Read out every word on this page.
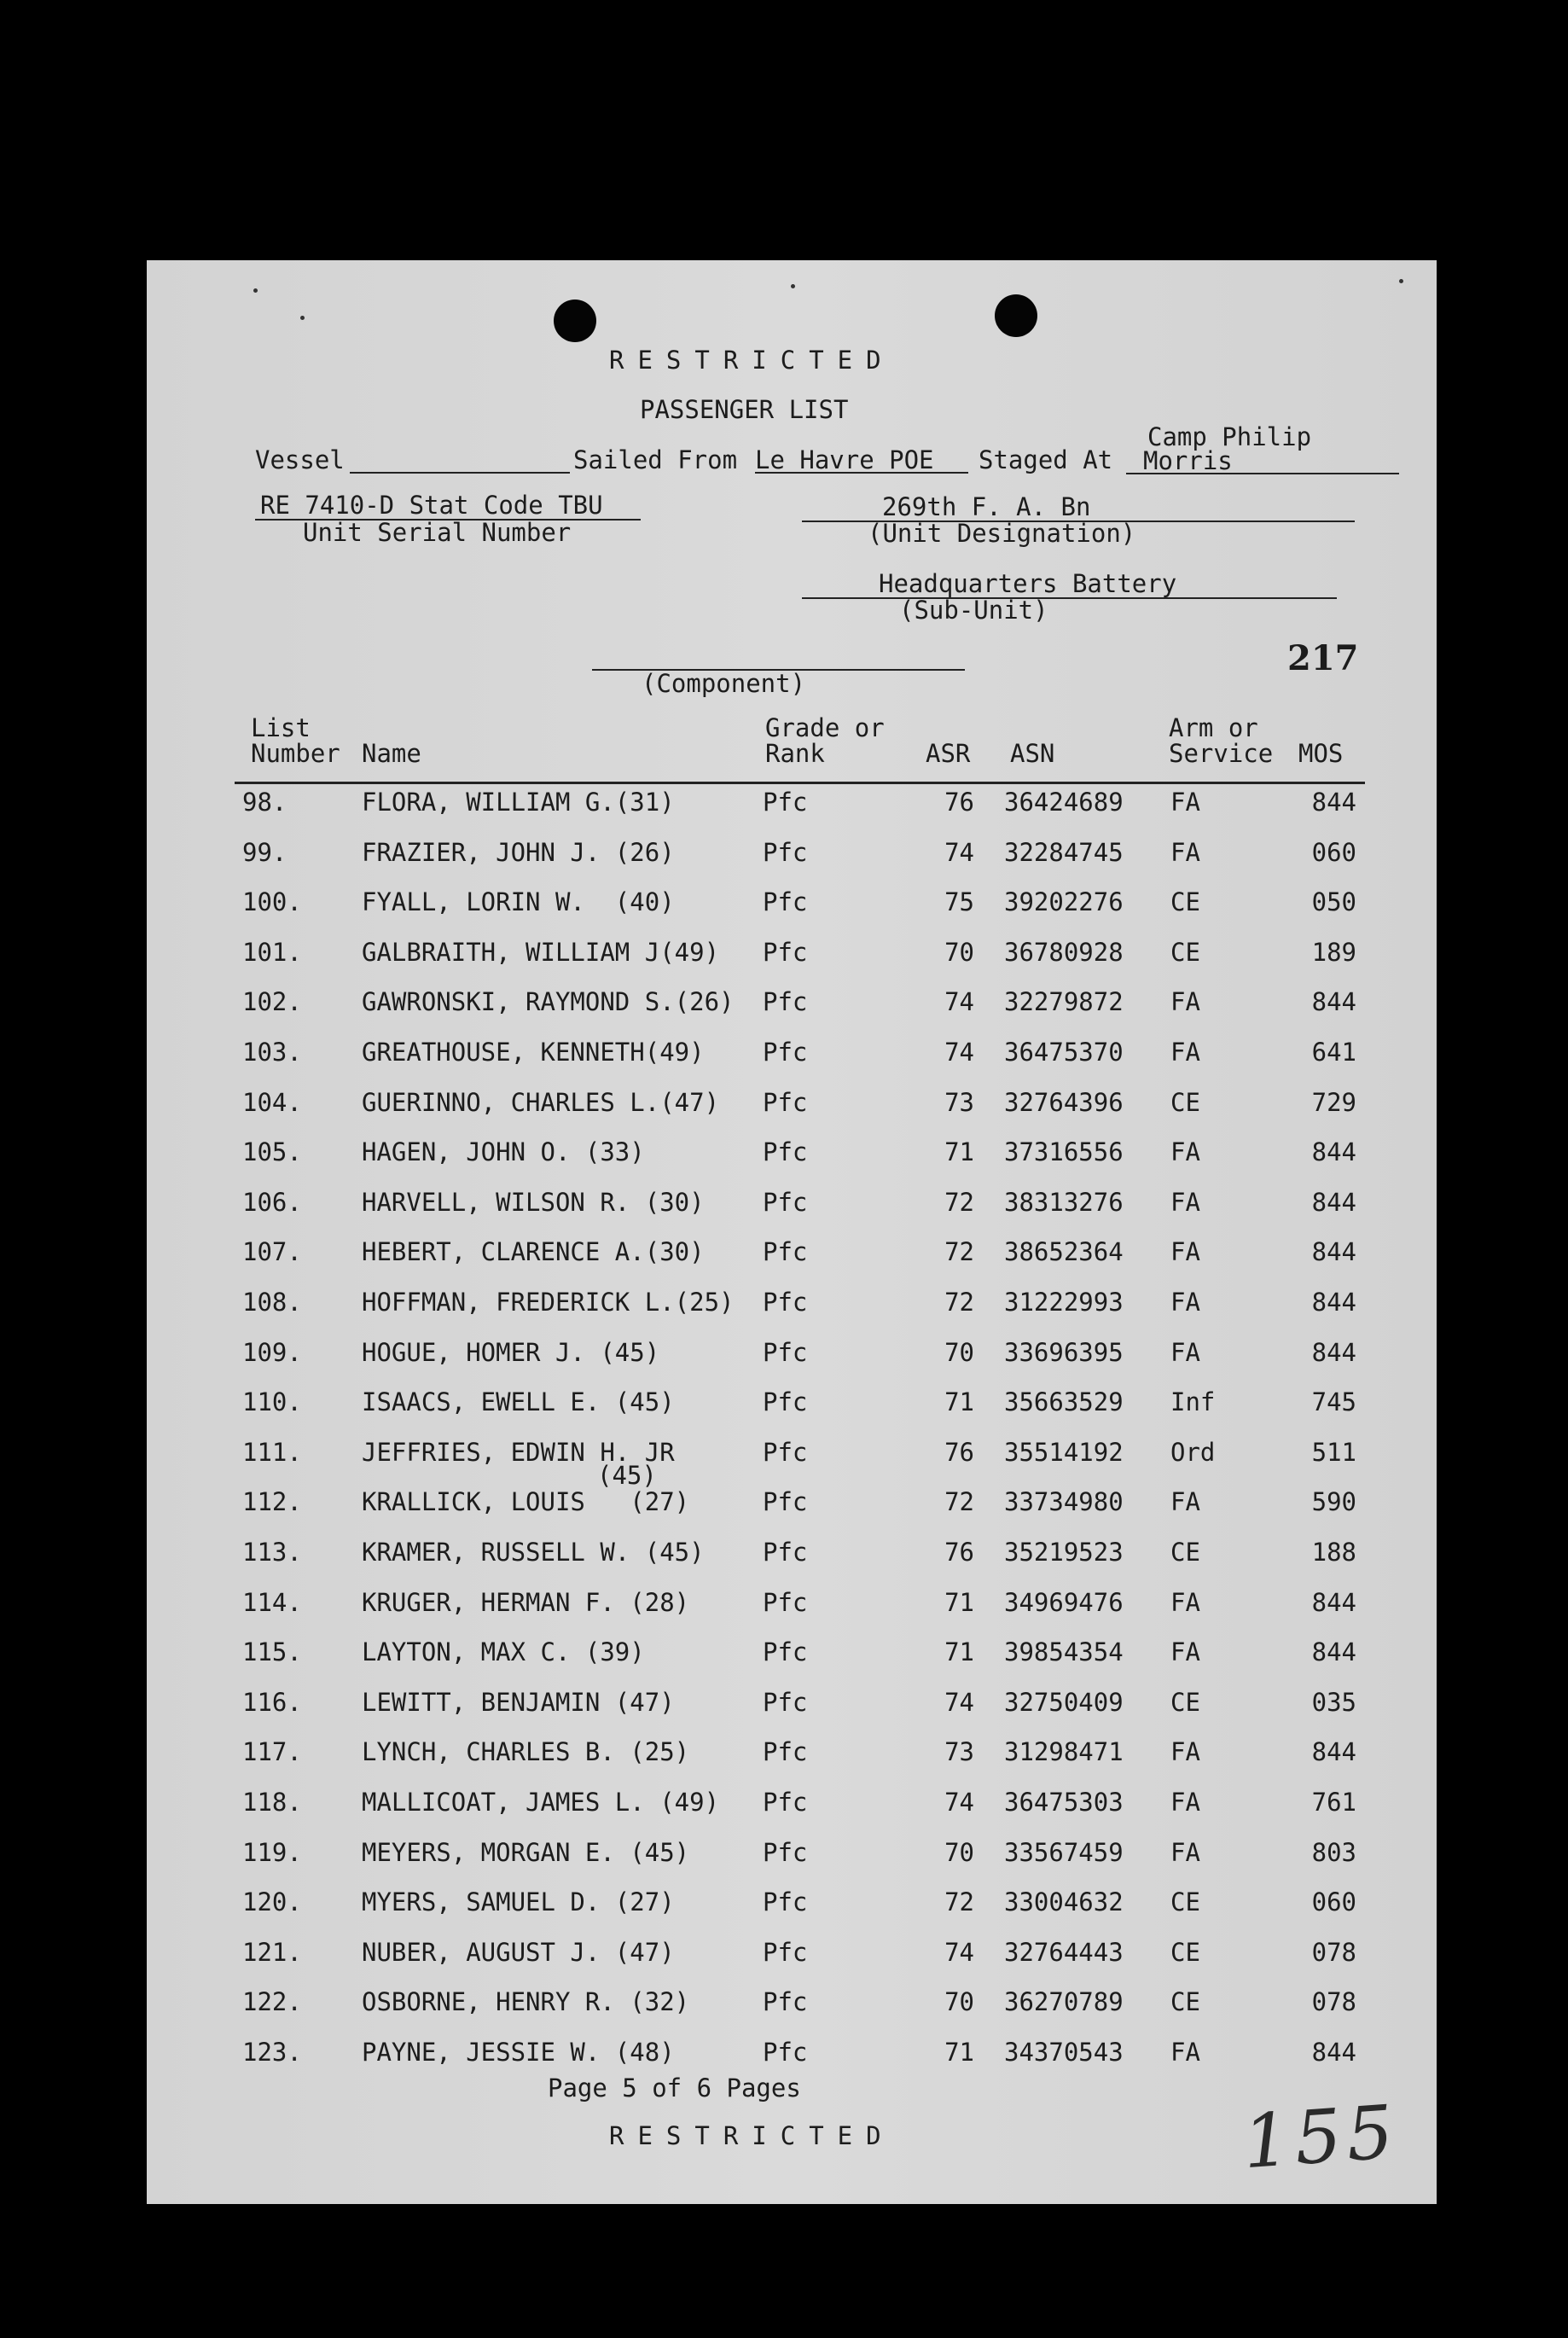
RESTRICTED
PASSENGER LIST
Vessel	Sailed From Le Havre POE Staged At
Camp Philip
Morris
RE 7410-D Stat Code TBU
Unit Serial Number
269th F. A. Bn
(Unit Designation)
Headquarters Battery
(Sub-Unit)
(Component)
217
List
Number Name
Grade or
Rank	ASR ASN
Arm or
Service MOS
98.	FLORA, WILLIAM G.(31)	Pfc	76 36424689	FA	844
99.	FRAZIER, JOHN J. (26)	Pfc	74 32284745	FA	060
100.	FYALL, LORIN W.  (40)	Pfc	75 39202276	CE	050
101.	GALBRAITH, WILLIAM J(49)	Pfc	70 36780928	CE	189
102.	GAWRONSKI, RAYMOND S.(26)	Pfc	74 32279872	FA	844
103.	GREATHOUSE, KENNETH(49)	Pfc	74 36475370	FA	641
104.	GUERINNO, CHARLES L.(47)	Pfc	73 32764396	CE	729
105.	HAGEN, JOHN O. (33)	Pfc	71 37316556	FA	844
106.	HARVELL, WILSON R. (30)	Pfc	72 38313276	FA	844
107.	HEBERT, CLARENCE A.(30)	Pfc	72 38652364	FA	844
108.	HOFFMAN, FREDERICK L.(25)	Pfc	72 31222993	FA	844
109.	HOGUE, HOMER J. (45)	Pfc	70 33696395	FA	844
110.	ISAACS, EWELL E. (45)	Pfc	71 35663529	Inf	745
111.	JEFFRIES, EDWIN H. JR	Pfc	76 35514192	Ord	511
(45)
112.	KRALLICK, LOUIS   (27)	Pfc	72 33734980	FA	590
113.	KRAMER, RUSSELL W. (45)	Pfc	76 35219523	CE	188
114.	KRUGER, HERMAN F. (28)	Pfc	71 34969476	FA	844
115.	LAYTON, MAX C. (39)	Pfc	71 39854354	FA	844
116.	LEWITT, BENJAMIN (47)	Pfc	74 32750409	CE	035
117.	LYNCH, CHARLES B. (25)	Pfc	73 31298471	FA	844
118.	MALLICOAT, JAMES L. (49)	Pfc	74 36475303	FA	761
119.	MEYERS, MORGAN E. (45)	Pfc	70 33567459	FA	803
120.	MYERS, SAMUEL D. (27)	Pfc	72 33004632	CE	060
121.	NUBER, AUGUST J. (47)	Pfc	74 32764443	CE	078
122.	OSBORNE, HENRY R. (32)	Pfc	70 36270789	CE	078
123.	PAYNE, JESSIE W. (48)	Pfc	71 34370543	FA	844
Page 5 of 6 Pages
RESTRICTED	155
